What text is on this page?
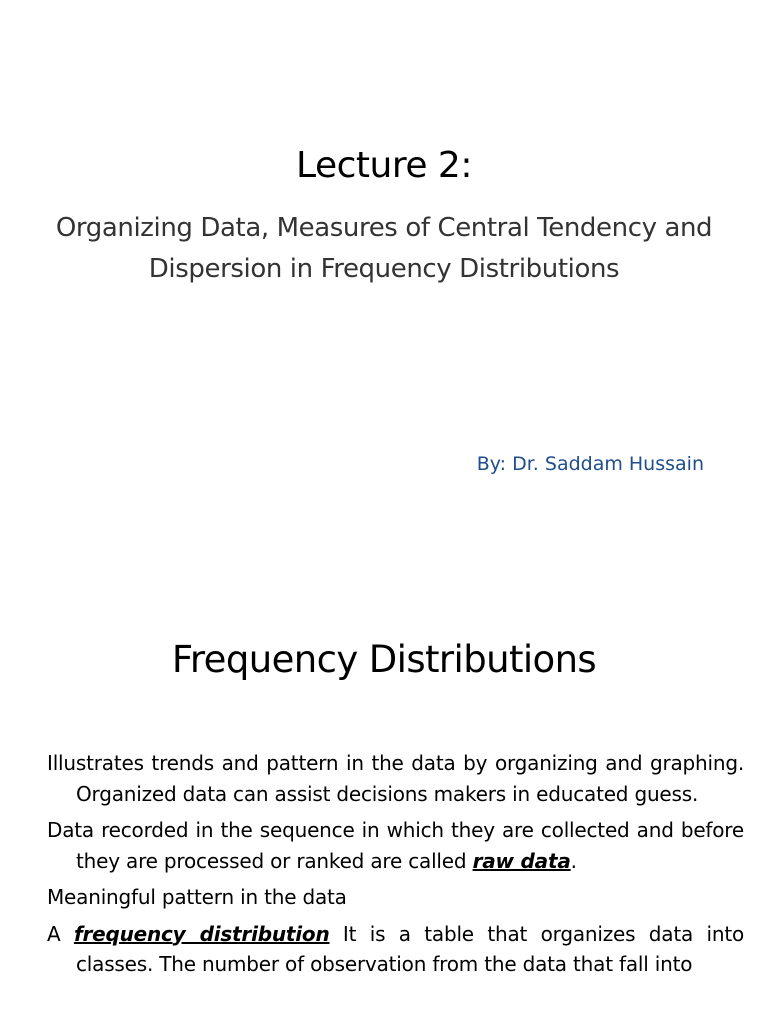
Lecture 2:
Organizing Data, Measures of Central Tendency and Dispersion in Frequency Distributions
By: Dr. Saddam Hussain
Frequency Distributions

Illustrates trends and pattern in the data by organizing and graphing. Organized data can assist decisions makers in educated guess.

Data recorded in the sequence in which they are collected and before they are processed or ranked are called raw data.

Meaningful pattern in the data

A frequency distribution It is a table that organizes data into classes. The number of observation from the data that fall into
